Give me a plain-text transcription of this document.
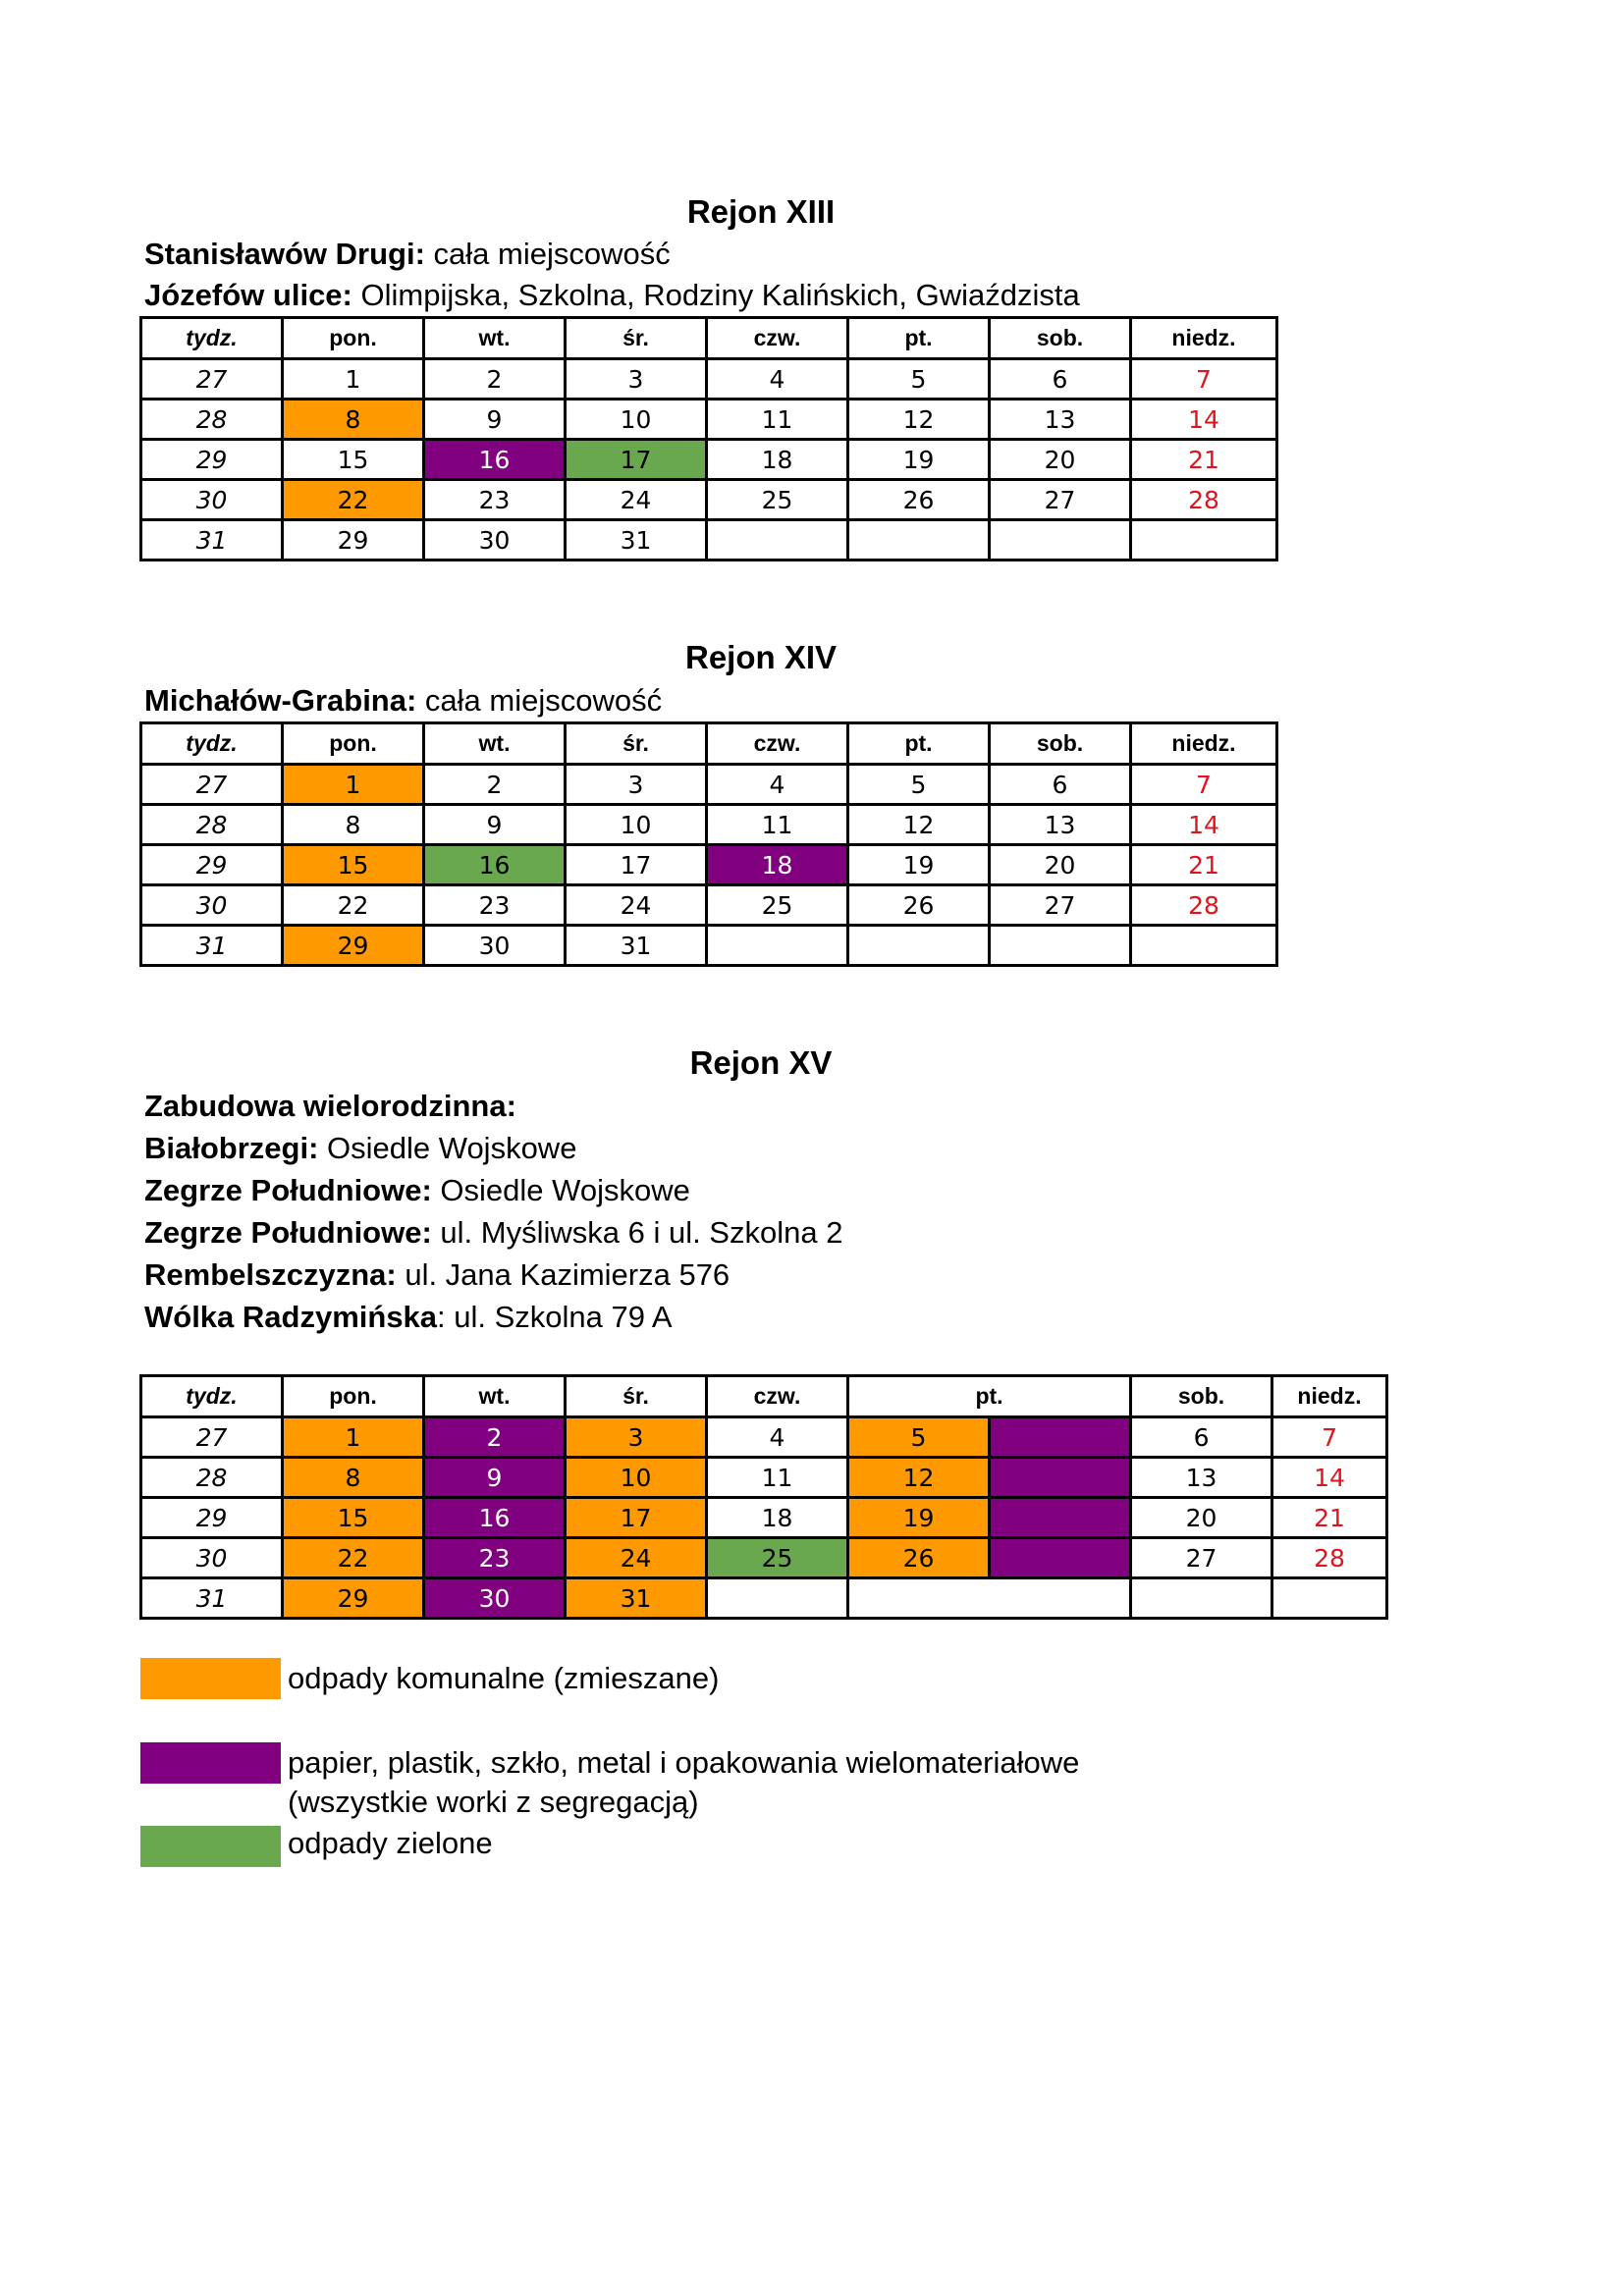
Rejon XIII
Stanisławów Drugi: cała miejscowość
Józefów ulice: Olimpijska, Szkolna, Rodziny Kalińskich, Gwiaździsta
tydz.	pon.	wt.	śr.	czw.	pt.	sob.	niedz.
27	1	2	3	4	5	6	7
28	8	9	10	11	12	13	14
29	15	16	17	18	19	20	21
30	22	23	24	25	26	27	28
31	29	30	31				
Rejon XIV
Michałów-Grabina: cała miejscowość
tydz.	pon.	wt.	śr.	czw.	pt.	sob.	niedz.
27	1	2	3	4	5	6	7
28	8	9	10	11	12	13	14
29	15	16	17	18	19	20	21
30	22	23	24	25	26	27	28
31	29	30	31				
Rejon XV
Zabudowa wielorodzinna:
Białobrzegi: Osiedle Wojskowe
Zegrze Południowe: Osiedle Wojskowe
Zegrze Południowe: ul. Myśliwska 6 i ul. Szkolna 2
Rembelszczyzna: ul. Jana Kazimierza 576
Wólka Radzymińska: ul. Szkolna 79 A
tydz.	pon.	wt.	śr.	czw.	pt.		sob.	niedz.
27	1	2	3	4	5		6	7
28	8	9	10	11	12		13	14
29	15	16	17	18	19		20	21
30	22	23	24	25	26		27	28
31	29	30	31					
odpady komunalne (zmieszane)
papier, plastik, szkło, metal i opakowania wielomateriałowe
(wszystkie worki z segregacją)
odpady zielone
